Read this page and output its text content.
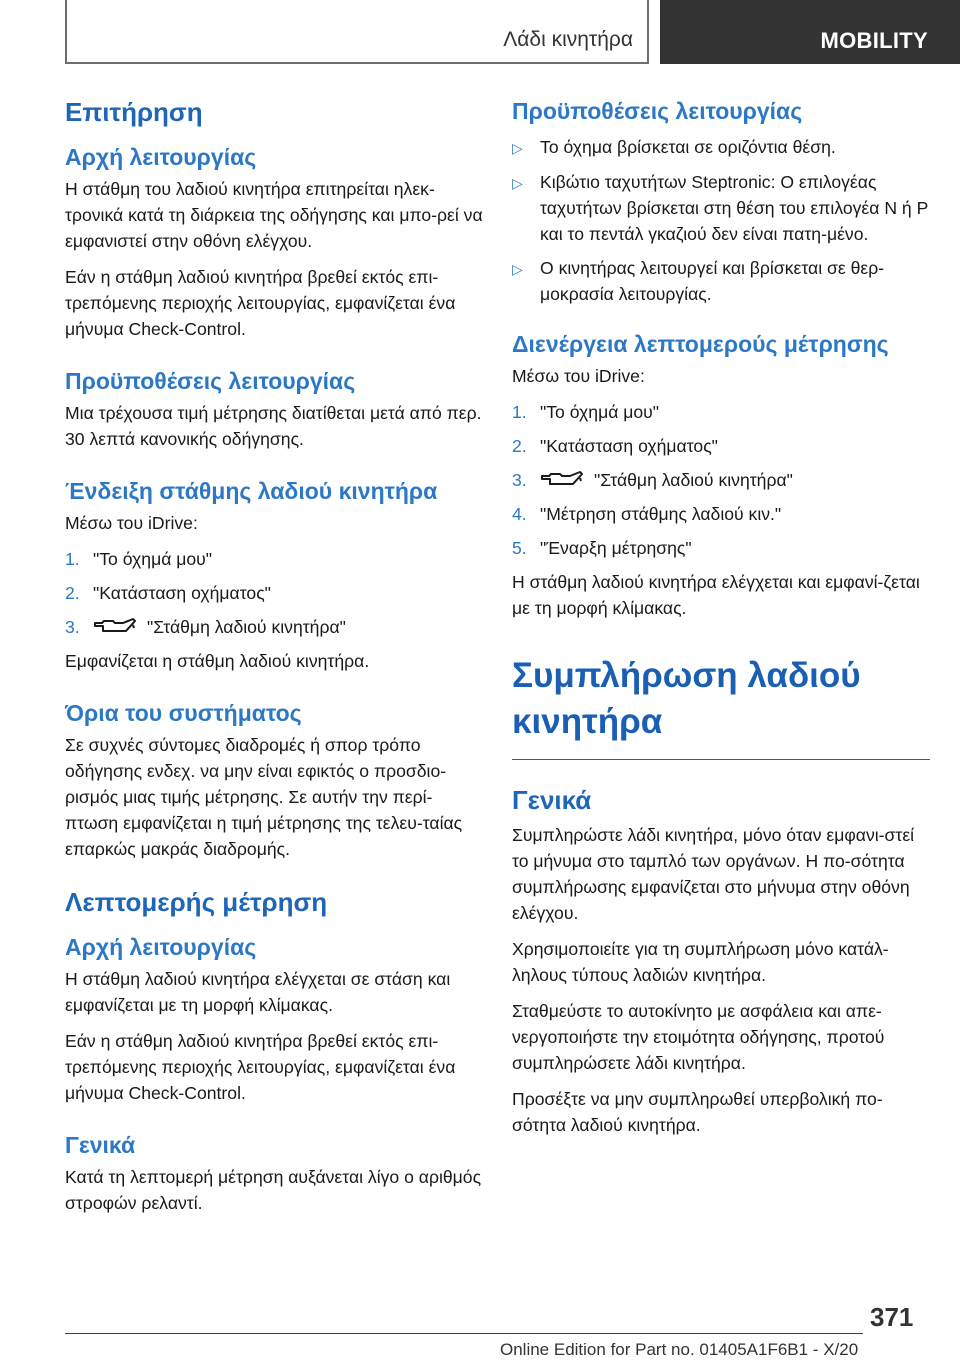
Λάδι κινητήρα	MOBILITY
Επιτήρηση
Αρχή λειτουργίας

Η στάθμη του λαδιού κινητήρα επιτηρείται ηλεκ-τρονικά κατά τη διάρκεια της οδήγησης και μπο-ρεί να εμφανιστεί στην οθόνη ελέγχου.

Εάν η στάθμη λαδιού κινητήρα βρεθεί εκτός επι-τρεπόμενης περιοχής λειτουργίας, εμφανίζεται ένα μήνυμα Check-Control.

Προϋποθέσεις λειτουργίας

Μια τρέχουσα τιμή μέτρησης διατίθεται μετά από περ. 30 λεπτά κανονικής οδήγησης.

Ένδειξη στάθμης λαδιού κινητήρα

Μέσω του iDrive:

1. "Το όχημά μου"
2. "Κατάσταση οχήματος"
3.	"Στάθμη λαδιού κινητήρα"

Εμφανίζεται η στάθμη λαδιού κινητήρα.

Όρια του συστήματος

Σε συχνές σύντομες διαδρομές ή σπορ τρόπο οδήγησης ενδεχ. να μην είναι εφικτός ο προσδιο-ρισμός μιας τιμής μέτρησης. Σε αυτήν την περί-πτωση εμφανίζεται η τιμή μέτρησης της τελευ-ταίας επαρκώς μακράς διαδρομής.

Λεπτομερής μέτρηση
Αρχή λειτουργίας

Η στάθμη λαδιού κινητήρα ελέγχεται σε στάση και εμφανίζεται με τη μορφή κλίμακας.

Εάν η στάθμη λαδιού κινητήρα βρεθεί εκτός επι-τρεπόμενης περιοχής λειτουργίας, εμφανίζεται ένα μήνυμα Check-Control.

Γενικά

Κατά τη λεπτομερή μέτρηση αυξάνεται λίγο ο αριθμός στροφών ρελαντί.

Προϋποθέσεις λειτουργίας
▷ Το όχημα βρίσκεται σε οριζόντια θέση.
▷ Κιβώτιο ταχυτήτων Steptronic: Ο επιλογέας ταχυτήτων βρίσκεται στη θέση του επιλογέα N ή P και το πεντάλ γκαζιού δεν είναι πατη-μένο.
▷ Ο κινητήρας λειτουργεί και βρίσκεται σε θερ-μοκρασία λειτουργίας.
Διενέργεια λεπτομερούς μέτρησης

Μέσω του iDrive:

1. "Το όχημά μου"
2. "Κατάσταση οχήματος"
3.	"Στάθμη λαδιού κινητήρα"
4. "Μέτρηση στάθμης λαδιού κιν."
5. "Έναρξη μέτρησης"

Η στάθμη λαδιού κινητήρα ελέγχεται και εμφανί-ζεται με τη μορφή κλίμακας.

Συμπλήρωση λαδιού κινητήρα
Γενικά

Συμπληρώστε λάδι κινητήρα, μόνο όταν εμφανι-στεί το μήνυμα στο ταμπλό των οργάνων. Η πο-σότητα συμπλήρωσης εμφανίζεται στο μήνυμα στην οθόνη ελέγχου.

Χρησιμοποιείτε για τη συμπλήρωση μόνο κατάλ-ληλους τύπους λαδιών κινητήρα.

Σταθμεύστε το αυτοκίνητο με ασφάλεια και απε-νεργοποιήστε την ετοιμότητα οδήγησης, προτού συμπληρώσετε λάδι κινητήρα.

Προσέξτε να μην συμπληρωθεί υπερβολική πο-σότητα λαδιού κινητήρα.

371
Online Edition for Part no. 01405A1F6B1 - X/20
